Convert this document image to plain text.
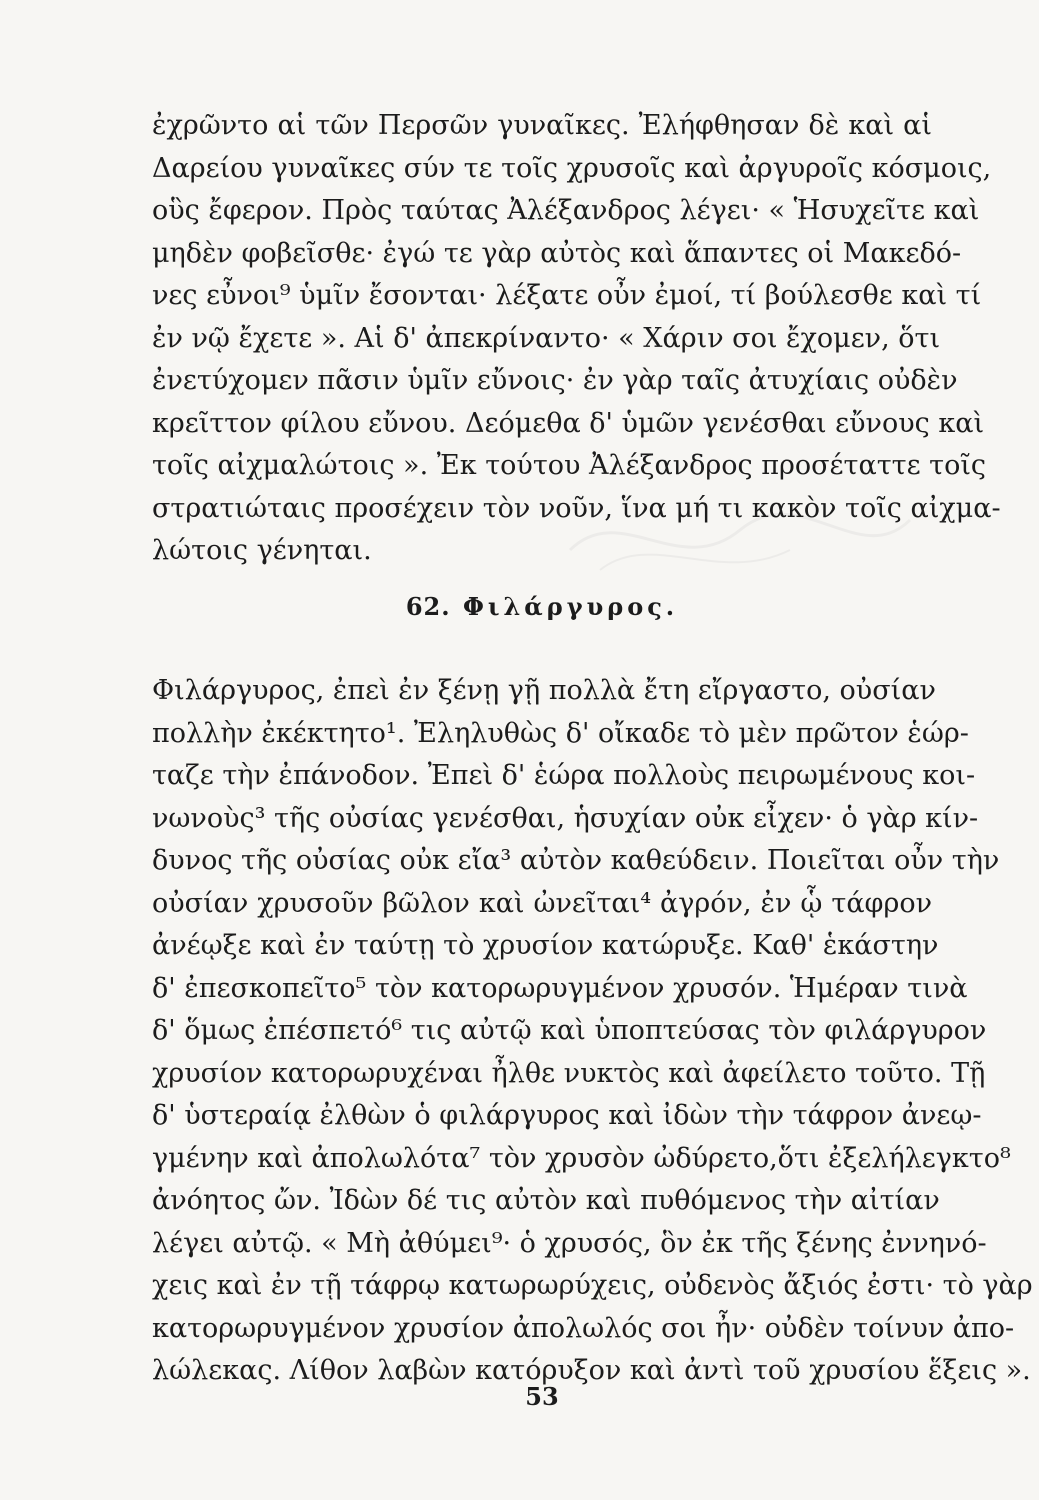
ἐχρῶντο αἱ τῶν Περσῶν γυναῖκες. Ἐλήφθησαν δὲ καὶ αἱ
Δαρείου γυναῖκες σύν τε τοῖς χρυσοῖς καὶ ἀργυροῖς κόσμοις,
οὓς ἔφερον. Πρὸς ταύτας Ἀλέξανδρος λέγει· « Ἡσυχεῖτε καὶ
μηδὲν φοβεῖσθε· ἐγώ τε γὰρ αὐτὸς καὶ ἅπαντες οἱ Μακεδό-
νες εὖνοι⁹ ὑμῖν ἔσονται· λέξατε οὖν ἐμοί, τί βούλεσθε καὶ τί
ἐν νῷ ἔχετε ». Αἱ δ' ἀπεκρίναντο· « Χάριν σοι ἔχομεν, ὅτι
ἐνετύχομεν πᾶσιν ὑμῖν εὔνοις· ἐν γὰρ ταῖς ἀτυχίαις οὐδὲν
κρεῖττον φίλου εὔνου. Δεόμεθα δ' ὑμῶν γενέσθαι εὔνους καὶ
τοῖς αἰχμαλώτοις ». Ἐκ τούτου Ἀλέξανδρος προσέταττε τοῖς
στρατιώταις προσέχειν τὸν νοῦν, ἵνα μή τι κακὸν τοῖς αἰχμα-
λώτοις γένηται.
62. Φιλάργυρος.
Φιλάργυρος, ἐπεὶ ἐν ξένῃ γῇ πολλὰ ἔτη εἴργαστο, οὐσίαν
πολλὴν ἐκέκτητο¹. Ἐληλυθὼς δ' οἴκαδε τὸ μὲν πρῶτον ἑώρ-
ταζε τὴν ἐπάνοδον. Ἐπεὶ δ' ἑώρα πολλοὺς πειρωμένους κοι-
νωνοὺς³ τῆς οὐσίας γενέσθαι, ἡσυχίαν οὐκ εἶχεν· ὁ γὰρ κίν-
δυνος τῆς οὐσίας οὐκ εἴα³ αὐτὸν καθεύδειν. Ποιεῖται οὖν τὴν
οὐσίαν χρυσοῦν βῶλον καὶ ὠνεῖται⁴ ἀγρόν, ἐν ᾧ τάφρον
ἀνέῳξε καὶ ἐν ταύτῃ τὸ χρυσίον κατώρυξε. Καθ' ἑκάστην
δ' ἐπεσκοπεῖτο⁵ τὸν κατορωρυγμένον χρυσόν. Ἡμέραν τινὰ
δ' ὅμως ἐπέσπετό⁶ τις αὐτῷ καὶ ὑποπτεύσας τὸν φιλάργυρον
χρυσίον κατορωρυχέναι ἦλθε νυκτὸς καὶ ἀφείλετο τοῦτο. Τῇ
δ' ὑστεραίᾳ ἐλθὼν ὁ φιλάργυρος καὶ ἰδὼν τὴν τάφρον ἀνεῳ-
γμένην καὶ ἀπολωλότα⁷ τὸν χρυσὸν ὠδύρετο,ὅτι ἐξελήλεγκτο⁸
ἀνόητος ὤν. Ἰδὼν δέ τις αὐτὸν καὶ πυθόμενος τὴν αἰτίαν
λέγει αὐτῷ. « Μὴ ἀθύμει⁹· ὁ χρυσός, ὃν ἐκ τῆς ξένης ἐννηνό-
χεις καὶ ἐν τῇ τάφρῳ κατωρωρύχεις, οὐδενὸς ἄξιός ἐστι· τὸ γὰρ
κατορωρυγμένον χρυσίον ἀπολωλός σοι ἦν· οὐδὲν τοίνυν ἀπο-
λώλεκας. Λίθον λαβὼν κατόρυξον καὶ ἀντὶ τοῦ χρυσίου ἕξεις ».

53
